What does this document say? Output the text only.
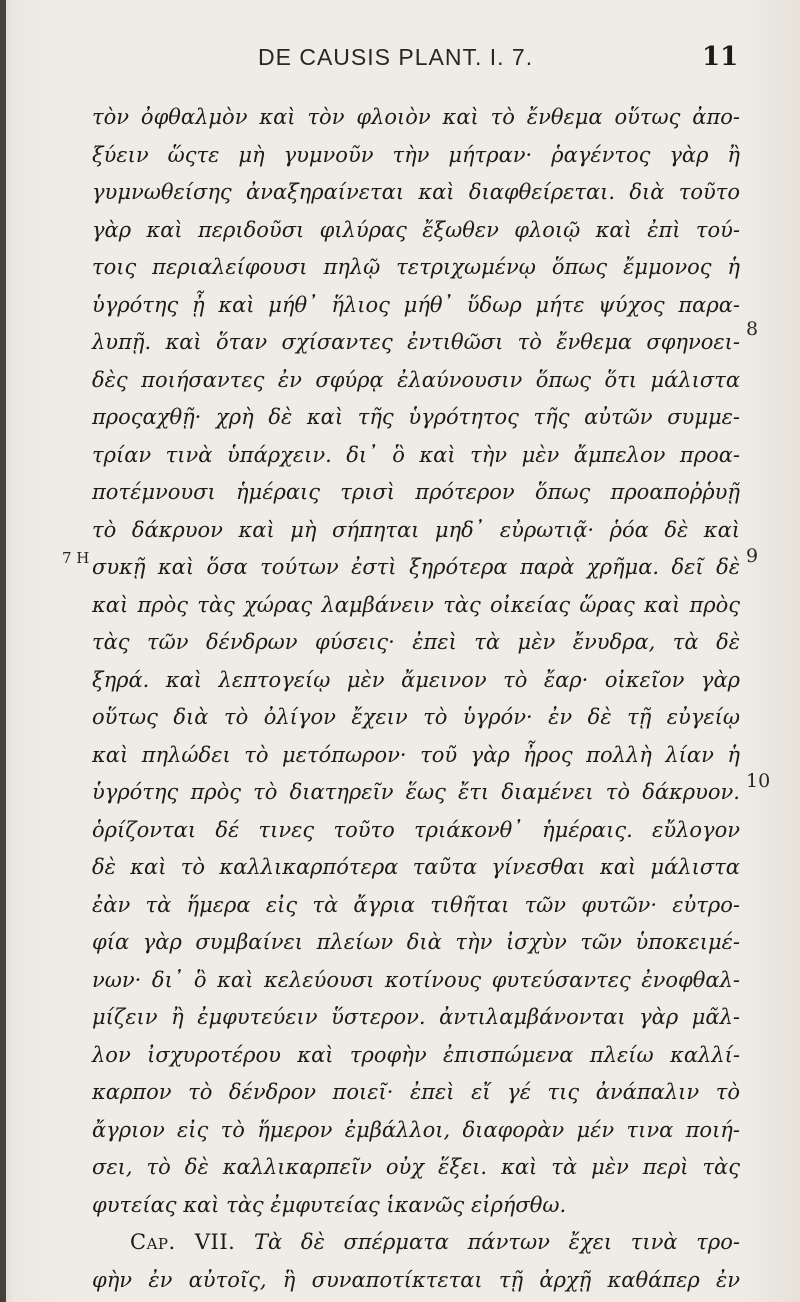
DE CAUSIS PLANT. I. 7.	11
τὸν ὀφθαλμὸν καὶ τὸν φλοιὸν καὶ τὸ ἔνθεμα οὕτως ἀπο-
ξύειν ὥςτε μὴ γυμνοῦν τὴν μήτραν· ῥαγέντος γὰρ ἢ
γυμνωθείσης ἀναξηραίνεται καὶ διαφθείρεται. διὰ τοῦτο
γὰρ καὶ περιδοῦσι φιλύρας ἔξωθεν φλοιῷ καὶ ἐπὶ τού-
τοις περιαλείφουσι πηλῷ τετριχωμένῳ ὅπως ἔμμονος ἡ
ὑγρότης ᾖ καὶ μήθ᾽ ἥλιος μήθ᾽ ὕδωρ μήτε ψύχος παρα-
λυπῇ. καὶ ὅταν σχίσαντες ἐντιθῶσι τὸ ἔνθεμα σφηνοει-
δὲς ποιήσαντες ἐν σφύρᾳ ἐλαύνουσιν ὅπως ὅτι μάλιστα
προςαχθῇ· χρὴ δὲ καὶ τῆς ὑγρότητος τῆς αὐτῶν συμμε-
τρίαν τινὰ ὑπάρχειν. δι᾽ ὃ καὶ τὴν μὲν ἄμπελον προα-
ποτέμνουσι ἡμέραις τρισὶ πρότερον ὅπως προαποῤῥυῇ
τὸ δάκρυον καὶ μὴ σήπηται μηδ᾽ εὐρωτιᾷ· ῥόα δὲ καὶ
συκῇ καὶ ὅσα τούτων ἐστὶ ξηρότερα παρὰ χρῆμα. δεῖ δὲ
καὶ πρὸς τὰς χώρας λαμβάνειν τὰς οἰκείας ὥρας καὶ πρὸς
τὰς τῶν δένδρων φύσεις· ἐπεὶ τὰ μὲν ἔνυδρα, τὰ δὲ
ξηρά. καὶ λεπτογείῳ μὲν ἄμεινον τὸ ἔαρ· οἰκεῖον γὰρ
οὕτως διὰ τὸ ὀλίγον ἔχειν τὸ ὑγρόν· ἐν δὲ τῇ εὐγείῳ
καὶ πηλώδει τὸ μετόπωρον· τοῦ γὰρ ἦρος πολλὴ λίαν ἡ
ὑγρότης πρὸς τὸ διατηρεῖν ἕως ἔτι διαμένει τὸ δάκρυον.
ὁρίζονται δέ τινες τοῦτο τριάκονθ᾽ ἡμέραις. εὔλογον
δὲ καὶ τὸ καλλικαρπότερα ταῦτα γίνεσθαι καὶ μάλιστα
ἐὰν τὰ ἥμερα εἰς τὰ ἄγρια τιθῆται τῶν φυτῶν· εὐτρο-
φία γὰρ συμβαίνει πλείων διὰ τὴν ἰσχὺν τῶν ὑποκειμέ-
νων· δι᾽ ὃ καὶ κελεύουσι κοτίνους φυτεύσαντες ἐνοφθαλ-
μίζειν ἢ ἐμφυτεύειν ὕστερον. ἀντιλαμβάνονται γὰρ μᾶλ-
λον ἰσχυροτέρου καὶ τροφὴν ἐπισπώμενα πλείω καλλί-
καρπον τὸ δένδρον ποιεῖ· ἐπεὶ εἴ γέ τις ἀνάπαλιν τὸ
ἄγριον εἰς τὸ ἥμερον ἐμβάλλοι, διαφορὰν μέν τινα ποιή-
σει, τὸ δὲ καλλικαρπεῖν οὐχ ἕξει. καὶ τὰ μὲν περὶ τὰς
φυτείας καὶ τὰς ἐμφυτείας ἱκανῶς εἰρήσθω.
Cap. VII. Τὰ δὲ σπέρματα πάντων ἔχει τινὰ τρο-
φὴν ἐν αὐτοῖς, ἣ συναποτίκτεται τῇ ἀρχῇ καθάπερ ἐν
8
7 H	9
10
